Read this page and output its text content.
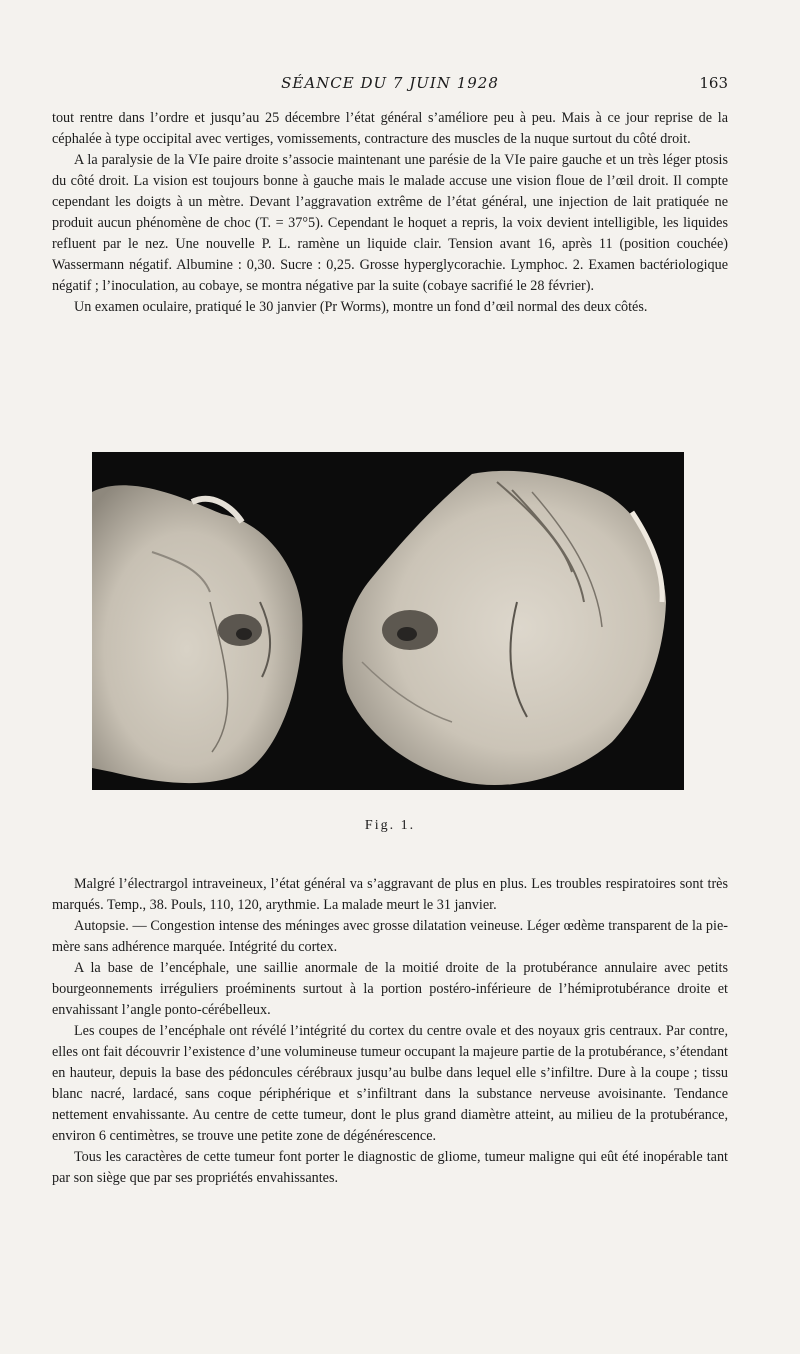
SÉANCE DU 7 JUIN 1928	163

tout rentre dans l’ordre et jusqu’au 25 décembre l’état général s’améliore peu à peu. Mais à ce jour reprise de la céphalée à type occipital avec vertiges, vomissements, contracture des muscles de la nuque surtout du côté droit.

A la paralysie de la VIe paire droite s’associe maintenant une parésie de la VIe paire gauche et un très léger ptosis du côté droit. La vision est toujours bonne à gauche mais le malade accuse une vision floue de l’œil droit. Il compte cependant les doigts à un mètre. Devant l’aggravation extrême de l’état général, une injection de lait pratiquée ne produit aucun phénomène de choc (T. = 37°5). Cependant le hoquet a repris, la voix devient intelligible, les liquides refluent par le nez. Une nouvelle P. L. ramène un liquide clair. Tension avant 16, après 11 (position couchée) Wassermann négatif. Albumine : 0,30. Sucre : 0,25. Grosse hyperglycorachie. Lymphoc. 2. Examen bactériologique négatif ; l’inoculation, au cobaye, se montra négative par la suite (cobaye sacrifié le 28 février).

Un examen oculaire, pratiqué le 30 janvier (Pr Worms), montre un fond d’œil normal des deux côtés.

Fig. 1.

Malgré l’électrargol intraveineux, l’état général va s’aggravant de plus en plus. Les troubles respiratoires sont très marqués. Temp., 38. Pouls, 110, 120, arythmie. La malade meurt le 31 janvier.

Autopsie. — Congestion intense des méninges avec grosse dilatation veineuse. Léger œdème transparent de la pie-mère sans adhérence marquée. Intégrité du cortex.

A la base de l’encéphale, une saillie anormale de la moitié droite de la protubérance annulaire avec petits bourgeonnements irréguliers proéminents surtout à la portion postéro-inférieure de l’hémiprotubérance droite et envahissant l’angle ponto-cérébelleux.

Les coupes de l’encéphale ont révélé l’intégrité du cortex du centre ovale et des noyaux gris centraux. Par contre, elles ont fait découvrir l’existence d’une volumineuse tumeur occupant la majeure partie de la protubérance, s’étendant en hauteur, depuis la base des pédoncules cérébraux jusqu’au bulbe dans lequel elle s’infiltre. Dure à la coupe ; tissu blanc nacré, lardacé, sans coque périphérique et s’infiltrant dans la substance nerveuse avoisinante. Tendance nettement envahissante. Au centre de cette tumeur, dont le plus grand diamètre atteint, au milieu de la protubérance, environ 6 centimètres, se trouve une petite zone de dégénérescence.

Tous les caractères de cette tumeur font porter le diagnostic de gliome, tumeur maligne qui eût été inopérable tant par son siège que par ses propriétés envahissantes.
